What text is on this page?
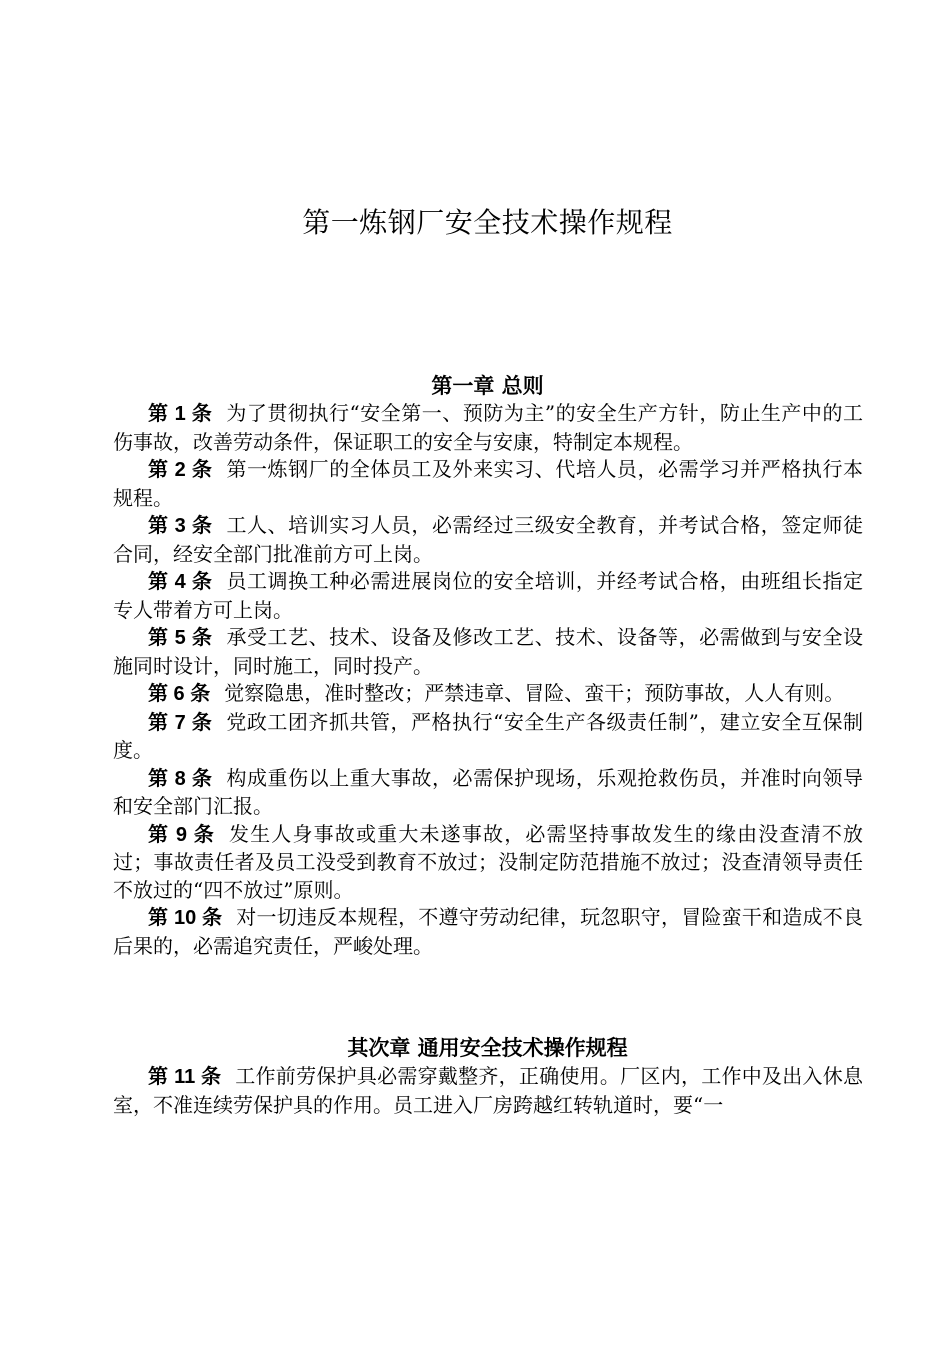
第一炼钢厂安全技术操作规程
第一章 总则

第 1 条 为了贯彻执行“安全第一、预防为主”的安全生产方针，防止生产中的工伤事故，改善劳动条件，保证职工的安全与安康，特制定本规程。

第 2 条 第一炼钢厂的全体员工及外来实习、代培人员，必需学习并严格执行本规程。

第 3 条 工人、培训实习人员，必需经过三级安全教育，并考试合格，签定师徒合同，经安全部门批准前方可上岗。

第 4 条 员工调换工种必需进展岗位的安全培训，并经考试合格，由班组长指定专人带着方可上岗。

第 5 条 承受工艺、技术、设备及修改工艺、技术、设备等，必需做到与安全设施同时设计，同时施工，同时投产。

第 6 条 觉察隐患，准时整改；严禁违章、冒险、蛮干；预防事故，人人有则。

第 7 条 党政工团齐抓共管，严格执行“安全生产各级责任制”，建立安全互保制度。

第 8 条 构成重伤以上重大事故，必需保护现场，乐观抢救伤员，并准时向领导和安全部门汇报。

第 9 条 发生人身事故或重大未遂事故，必需坚持事故发生的缘由没查清不放过；事故责任者及员工没受到教育不放过；没制定防范措施不放过；没查清领导责任不放过的“四不放过”原则。

第 10 条 对一切违反本规程，不遵守劳动纪律，玩忽职守，冒险蛮干和造成不良后果的，必需追究责任，严峻处理。

其次章 通用安全技术操作规程

第 11 条 工作前劳保护具必需穿戴整齐，正确使用。厂区内，工作中及出入休息室，不准连续劳保护具的作用。员工进入厂房跨越红转轨道时，要“一
